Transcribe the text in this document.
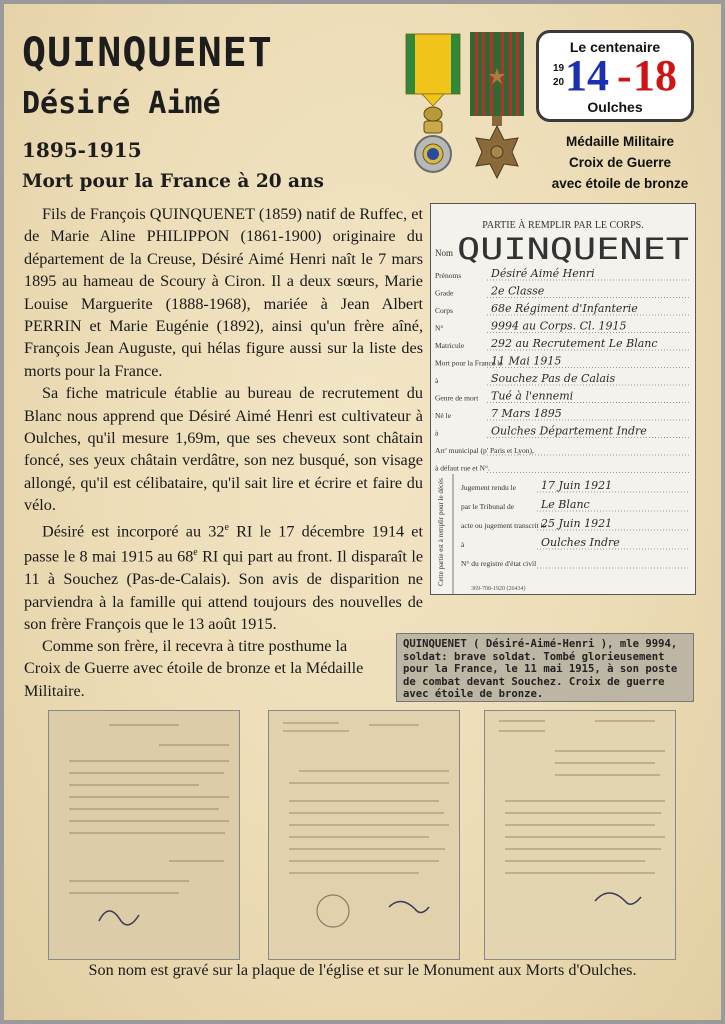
QUINQUENET
Désiré Aimé
1895-1915
Mort pour la France à 20 ans
Le centenaire
19
20 14 - 18
Oulches
Médaille Militaire
Croix de Guerre
avec étoile de bronze

Fils de François QUINQUENET (1859) natif de Ruffec, et de Marie Aline PHILIPPON (1861-1900) originaire du département de la Creuse, Désiré Aimé Henri naît le 7 mars 1895 au hameau de Scoury à Ciron. Il a deux sœurs, Marie Louise Marguerite (1888-1968), mariée à Jean Albert PERRIN et Marie Eugénie (1892), ainsi qu'un frère aîné, François Jean Auguste, qui hélas figure aussi sur la liste des morts pour la France.

Sa fiche matricule établie au bureau de recrutement du Blanc nous apprend que Désiré Aimé Henri est cultivateur à Oulches, qu'il mesure 1,69m, que ses cheveux sont châtain foncé, ses yeux châtain verdâtre, son nez busqué, son visage allongé, qu'il est célibataire, qu'il sait lire et écrire et faire du vélo.

Désiré est incorporé au 32e RI le 17 décembre 1914 et passe le 8 mai 1915 au 68e RI qui part au front. Il disparaît le 11 à Souchez (Pas-de-Calais). Son avis de disparition ne parviendra à la famille qui attend toujours des nouvelles de son frère François que le 13 août 1915.

Comme son frère, il recevra à titre posthume la Croix de Guerre avec étoile de bronze et la Médaille Militaire.

PARTIE À REMPLIR PAR LE CORPS.
Nom QUINQUENET
Prénoms	Désiré Aimé Henri
Grade	2e Classe
Corps	68e Régiment d'Infanterie
N°	9994 au Corps. Cl. 1915
Matricule 292 au Recrutement Le Blanc
Mort pour la France le
11 Mai 1915
à	Souchez Pas de Calais
Genre de mort Tué à l'ennemi
Né le	7 Mars 1895
à	Oulches Département Indre
Arr' municipal (p' Paris et Lyon),
à défaut rue et N°.
Cette partie est à remplir pour le décès Jugement rendu le 17 Juin 1921
par le Tribunal de Le Blanc
acte ou jugement transcrit le
25 Juin 1921
à	Oulches Indre
N° du registre d'état civil
369-708-1920 (26434)
QUINQUENET ( Désiré-Aimé-Henri ), mle 9994, soldat: brave soldat. Tombé glorieusement pour la France, le 11 mai 1915, à son poste de combat devant Souchez. Croix de guerre avec étoile de bronze.
Son nom est gravé sur la plaque de l'église et sur le Monument aux Morts d'Oulches.
